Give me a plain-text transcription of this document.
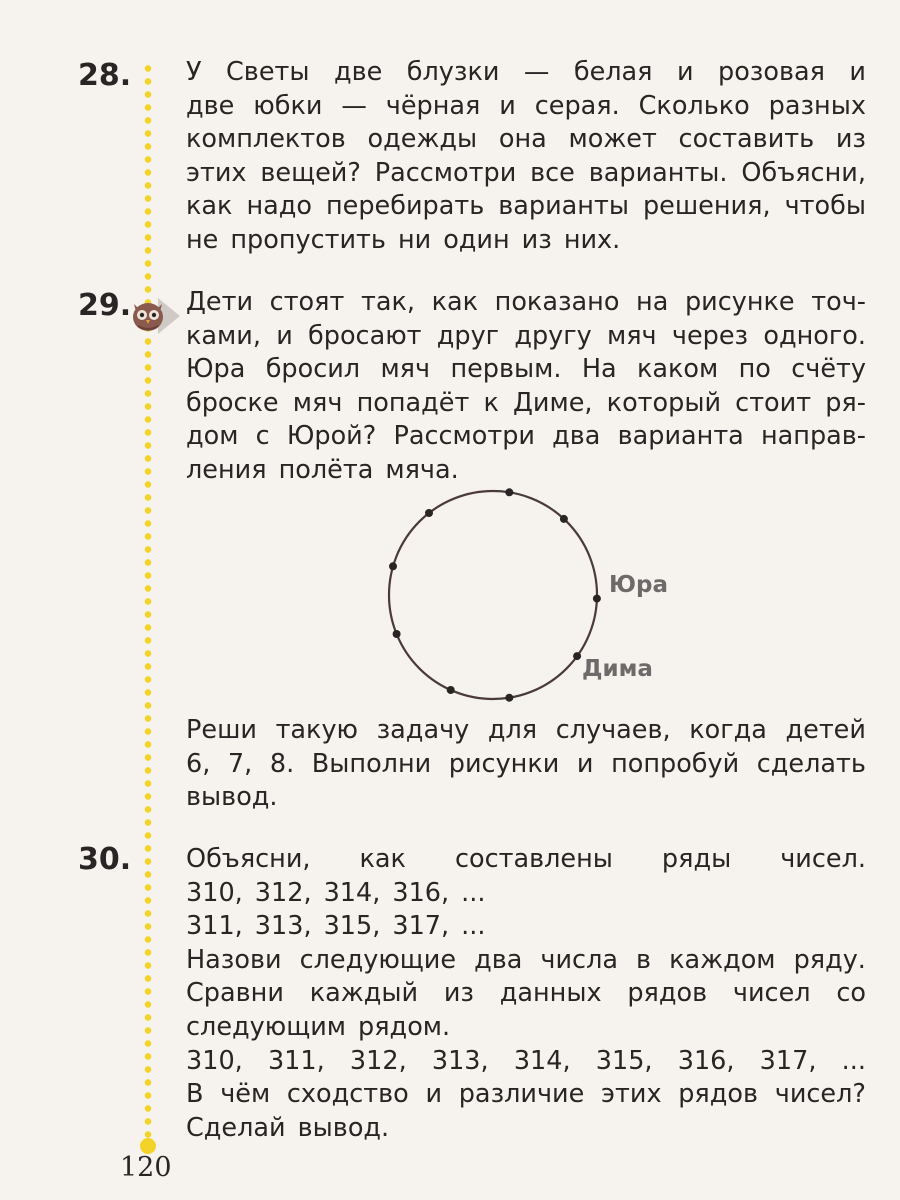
28. У Светы две блузки — белая и розовая и
две юбки — чёрная и серая. Сколько разных
комплектов одежды она может составить из
этих вещей? Рассмотри все варианты. Объясни,
как надо перебирать варианты решения, чтобы
не пропустить ни один из них.
29. Дети стоят так, как показано на рисунке точ-
ками, и бросают друг другу мяч через одного.
Юра бросил мяч первым. На каком по счёту
броске мяч попадёт к Диме, который стоит ря-
дом с Юрой? Рассмотри два варианта направ-
ления полёта мяча.
Юра
Дима
Реши такую задачу для случаев, когда детей
6, 7, 8. Выполни рисунки и попробуй сделать
вывод.
30. Объясни, как составлены ряды чисел.
310, 312, 314, 316, ...
311, 313, 315, 317, ...
Назови следующие два числа в каждом ряду.
Сравни каждый из данных рядов чисел со
следующим рядом.
310, 311, 312, 313, 314, 315, 316, 317, ...
В чём сходство и различие этих рядов чисел?
Сделай вывод.
120
